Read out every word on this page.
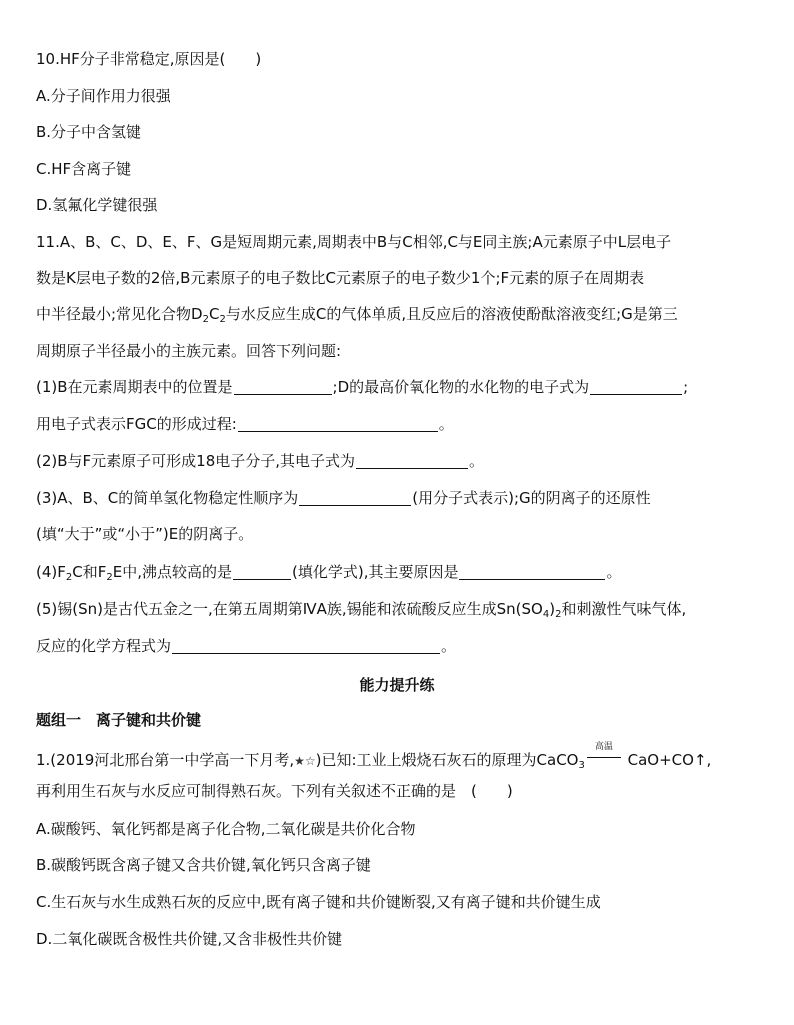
10.HF分子非常稳定,原因是(　　)
A.分子间作用力很强
B.分子中含氢键
C.HF含离子键
D.氢氟化学键很强
11.A、B、C、D、E、F、G是短周期元素,周期表中B与C相邻,C与E同主族;A元素原子中L层电子
数是K层电子数的2倍,B元素原子的电子数比C元素原子的电子数少1个;F元素的原子在周期表
中半径最小;常见化合物$D_2C_2$与水反应生成C的气体单质,且反应后的溶液使酚酞溶液变红;G是第三
周期原子半径最小的主族元素。回答下列问题:
(1)B在元素周期表中的位置是	;D的最高价氧化物的水化物的电子式为	;
用电子式表示FGC的形成过程:	。
(2)B与F元素原子可形成18电子分子,其电子式为	。
(3)A、B、C的简单氢化物稳定性顺序为	(用分子式表示);G的阴离子的还原性
(填“大于”或“小于”)E的阴离子。
$(4)F_2C$和$F_2E$中,沸点较高的是	(填化学式),其主要原因是	。
(5)锡(Sn)是古代五金之一,在第五周期第ⅣA族,锡能和浓硫酸反应生成$Sn(SO_4)_2$和刺激性气味气体,
反应的化学方程式为	。
能力提升练
题组一　离子键和共价键
1.(2019河北邢台第一中学高一下月考,★☆)已知:工业上煅烧石灰石的原理为CaCO$_3$
高温
CaO+CO↑,
再利用生石灰与水反应可制得熟石灰。下列有关叙述不正确的是　(　　)
A.碳酸钙、氧化钙都是离子化合物,二氧化碳是共价化合物
B.碳酸钙既含离子键又含共价键,氧化钙只含离子键
C.生石灰与水生成熟石灰的反应中,既有离子键和共价键断裂,又有离子键和共价键生成
D.二氧化碳既含极性共价键,又含非极性共价键
